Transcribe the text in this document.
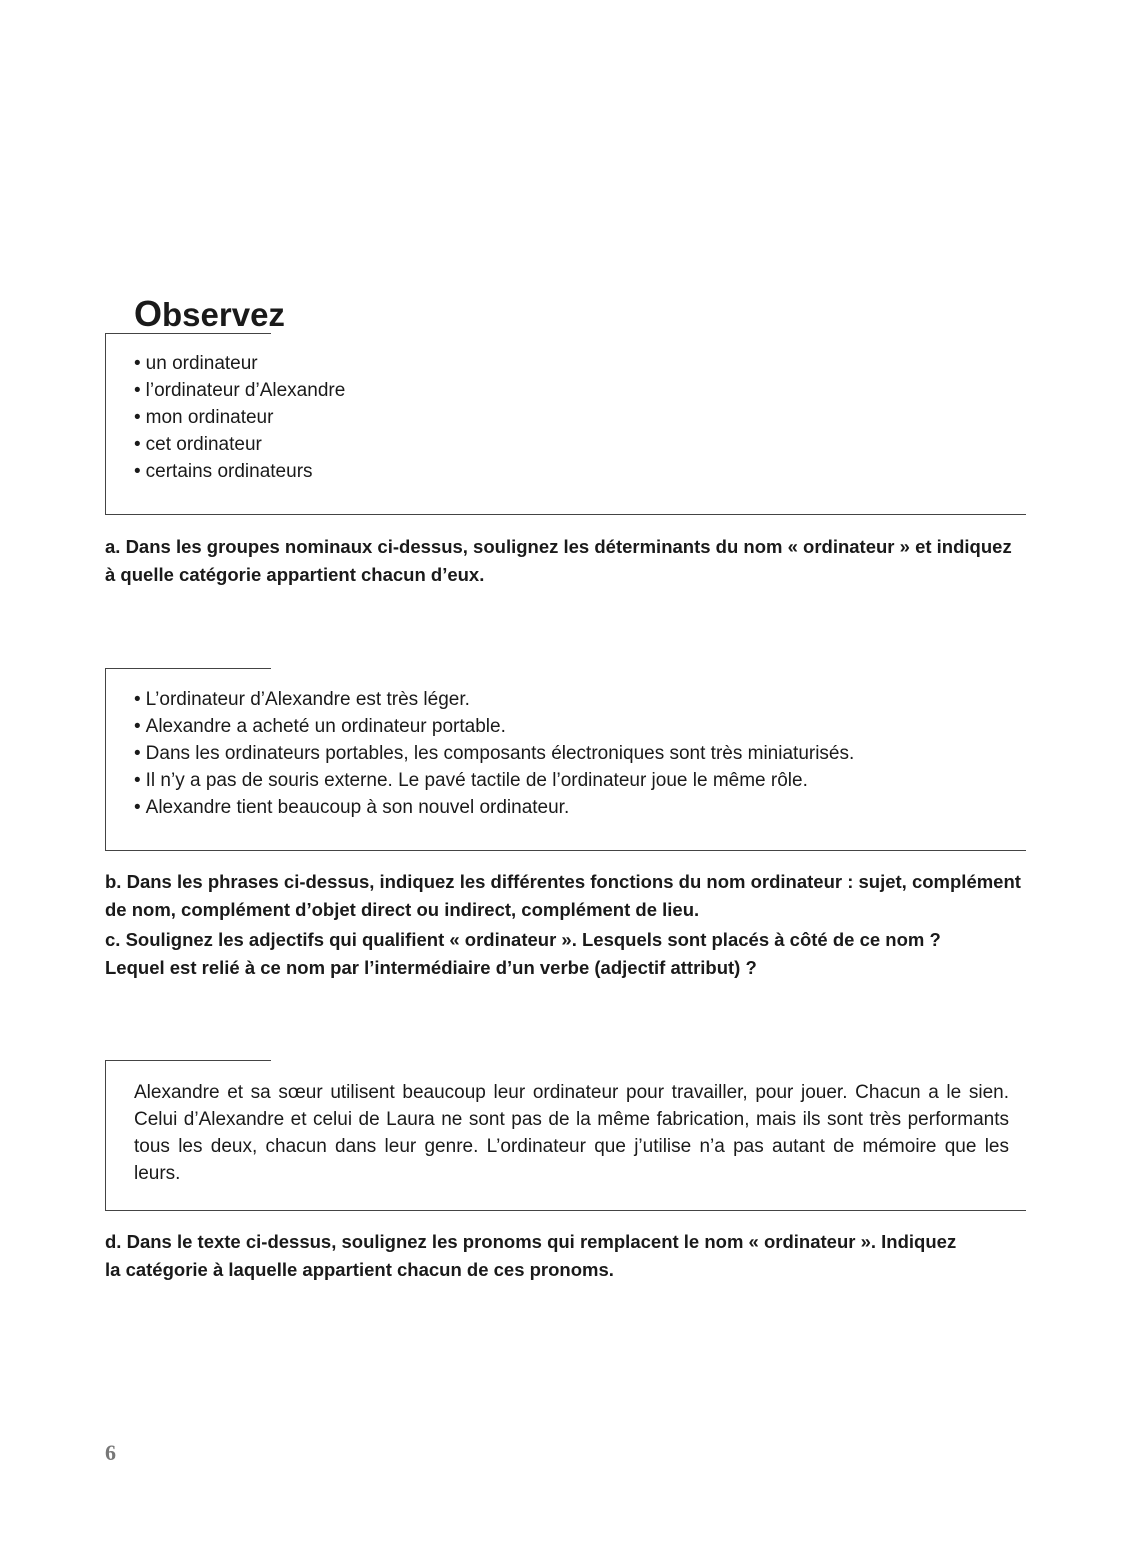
Observez
• un ordinateur
• l’ordinateur d’Alexandre
• mon ordinateur
• cet ordinateur
• certains ordinateurs
a. Dans les groupes nominaux ci-dessus, soulignez les déterminants du nom « ordinateur » et indiquez
à quelle catégorie appartient chacun d’eux.
• L’ordinateur d’Alexandre est très léger.
• Alexandre a acheté un ordinateur portable.
• Dans les ordinateurs portables, les composants électroniques sont très miniaturisés.
• Il n’y a pas de souris externe. Le pavé tactile de l’ordinateur joue le même rôle.
• Alexandre tient beaucoup à son nouvel ordinateur.
b. Dans les phrases ci-dessus, indiquez les différentes fonctions du nom ordinateur : sujet, complément
de nom, complément d’objet direct ou indirect, complément de lieu.
c. Soulignez les adjectifs qui qualifient « ordinateur ». Lesquels sont placés à côté de ce nom ?
Lequel est relié à ce nom par l’intermédiaire d’un verbe (adjectif attribut) ?

Alexandre et sa sœur utilisent beaucoup leur ordinateur pour travailler, pour jouer. Chacun a le sien. Celui d’Alexandre et celui de Laura ne sont pas de la même fabrication, mais ils sont très performants tous les deux, chacun dans leur genre. L’ordinateur que j’utilise n’a pas autant de mémoire que les leurs.

d. Dans le texte ci-dessus, soulignez les pronoms qui remplacent le nom « ordinateur ». Indiquez
la catégorie à laquelle appartient chacun de ces pronoms.
6
